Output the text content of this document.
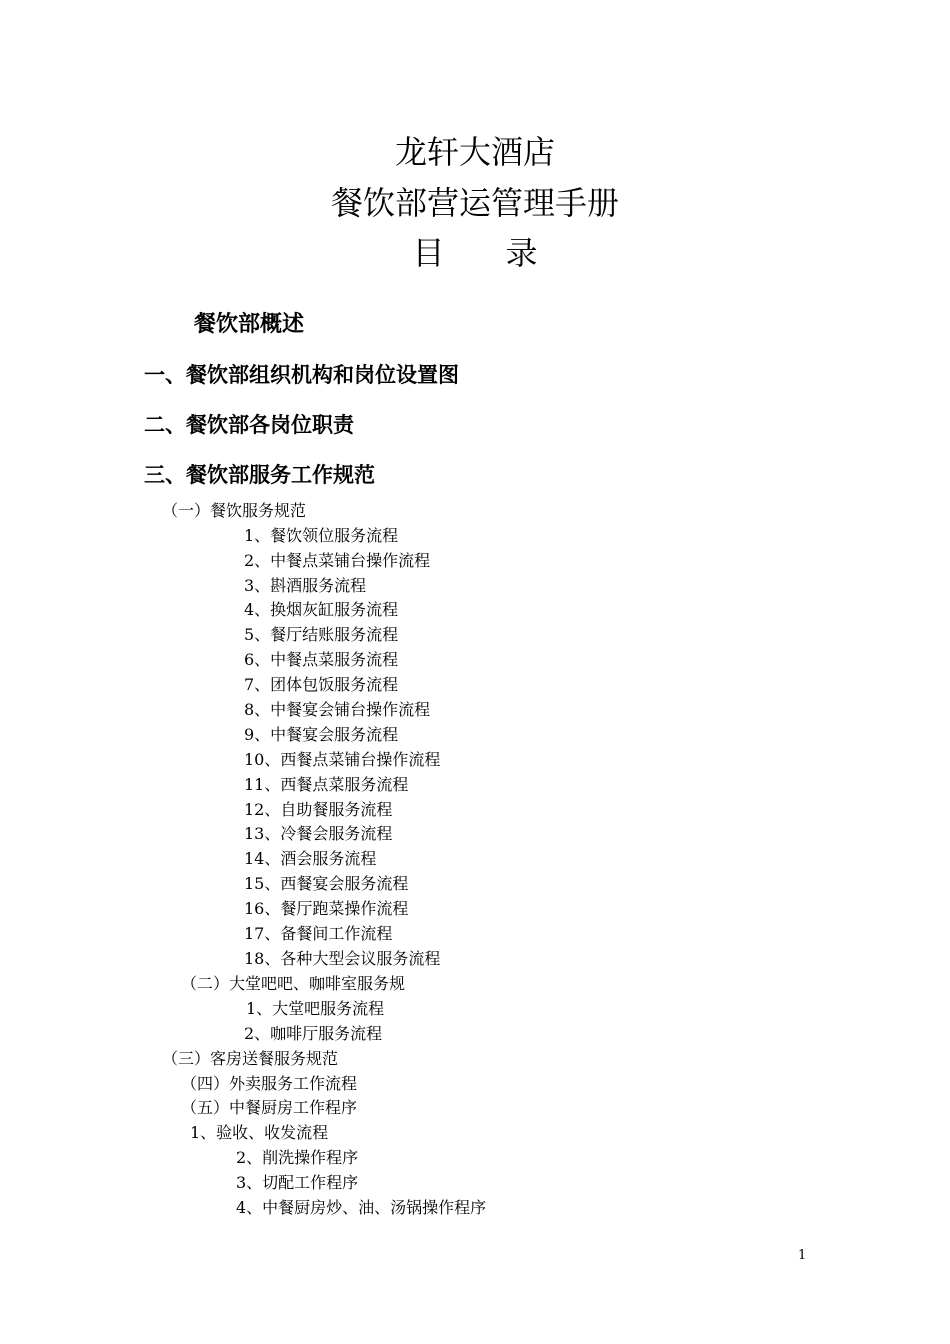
龙轩大酒店
餐饮部营运管理手册
目      录
餐饮部概述
一、餐饮部组织机构和岗位设置图
二、餐饮部各岗位职责
三、餐饮部服务工作规范
（一）餐饮服务规范
1、餐饮领位服务流程
2、中餐点菜铺台操作流程
3、斟酒服务流程
4、换烟灰缸服务流程
5、餐厅结账服务流程
6、中餐点菜服务流程
7、团体包饭服务流程
8、中餐宴会铺台操作流程
9、中餐宴会服务流程
10、西餐点菜铺台操作流程
11、西餐点菜服务流程
12、自助餐服务流程
13、冷餐会服务流程
14、酒会服务流程
15、西餐宴会服务流程
16、餐厅跑菜操作流程
17、备餐间工作流程
18、各种大型会议服务流程
（二）大堂吧吧、咖啡室服务规
1、大堂吧服务流程
2、咖啡厅服务流程
（三）客房送餐服务规范
（四）外卖服务工作流程
（五）中餐厨房工作程序
1、验收、收发流程
2、削洗操作程序
3、切配工作程序
4、中餐厨房炒、油、汤锅操作程序
1
